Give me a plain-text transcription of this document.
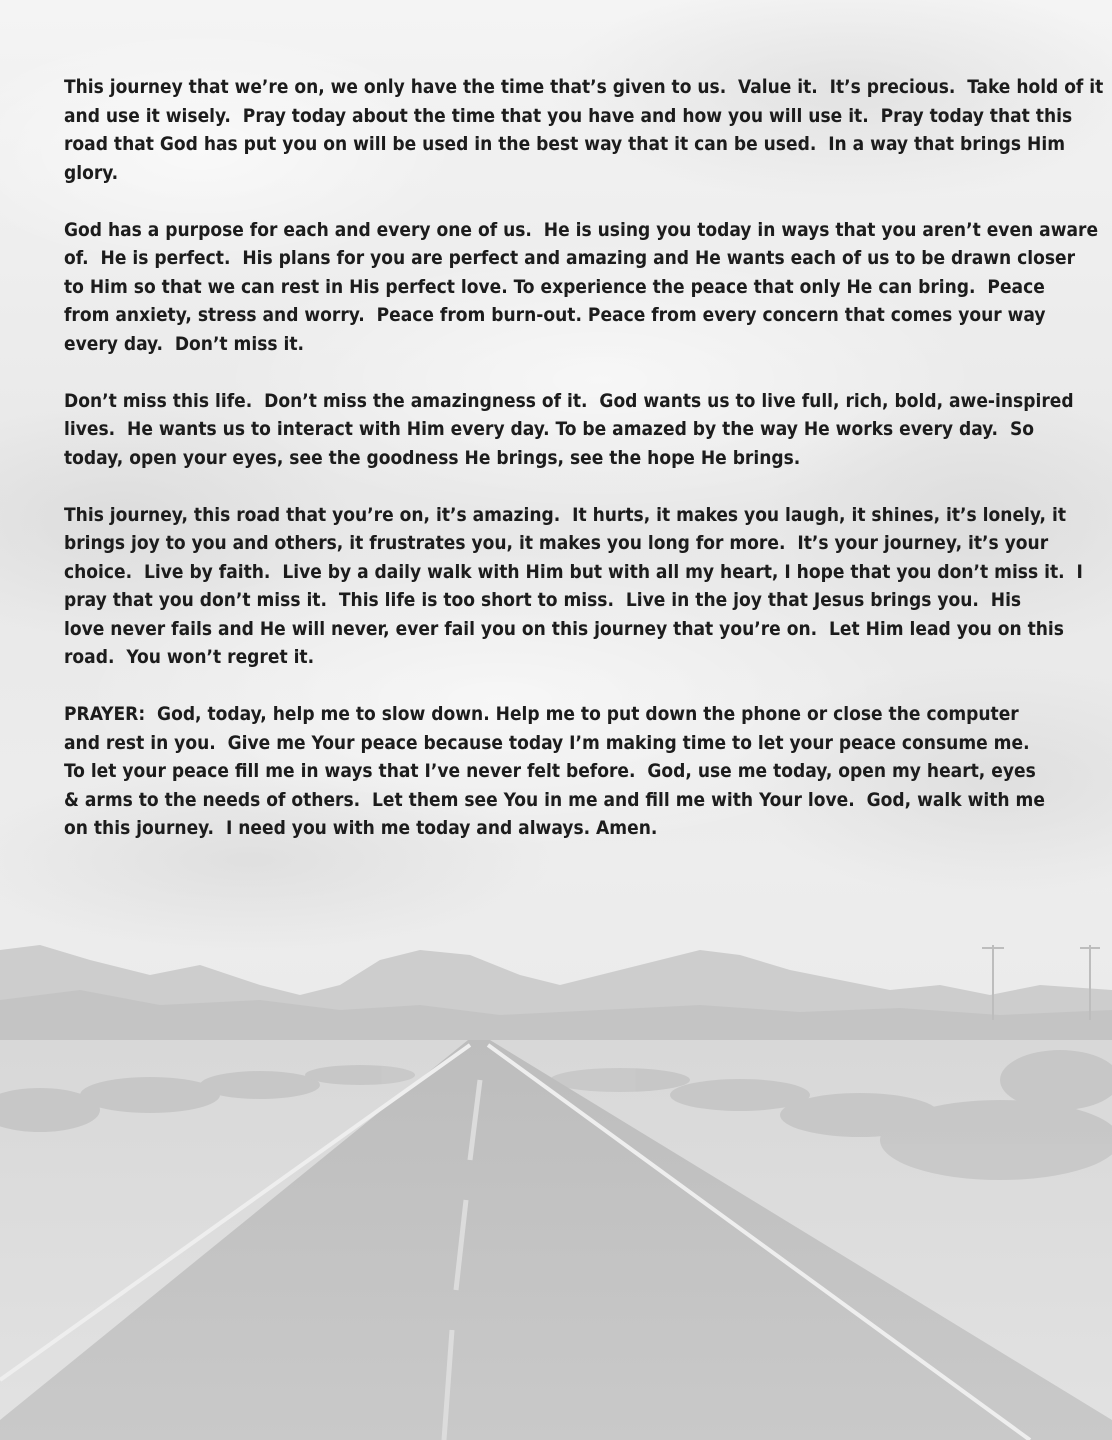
This journey that we’re on, we only have the time that’s given to us.  Value it.  It’s precious.  Take hold of it
and use it wisely.  Pray today about the time that you have and how you will use it.  Pray today that this
road that God has put you on will be used in the best way that it can be used.  In a way that brings Him
glory.

God has a purpose for each and every one of us.  He is using you today in ways that you aren’t even aware
of.  He is perfect.  His plans for you are perfect and amazing and He wants each of us to be drawn closer
to Him so that we can rest in His perfect love. To experience the peace that only He can bring.  Peace
from anxiety, stress and worry.  Peace from burn-out. Peace from every concern that comes your way
every day.  Don’t miss it.

Don’t miss this life.  Don’t miss the amazingness of it.  God wants us to live full, rich, bold, awe-inspired
lives.  He wants us to interact with Him every day. To be amazed by the way He works every day.  So
today, open your eyes, see the goodness He brings, see the hope He brings.

This journey, this road that you’re on, it’s amazing.  It hurts, it makes you laugh, it shines, it’s lonely, it
brings joy to you and others, it frustrates you, it makes you long for more.  It’s your journey, it’s your
choice.  Live by faith.  Live by a daily walk with Him but with all my heart, I hope that you don’t miss it.  I
pray that you don’t miss it.  This life is too short to miss.  Live in the joy that Jesus brings you.  His
love never fails and He will never, ever fail you on this journey that you’re on.  Let Him lead you on this
road.  You won’t regret it.

PRAYER:  God, today, help me to slow down. Help me to put down the phone or close the computer
and rest in you.  Give me Your peace because today I’m making time to let your peace consume me.
To let your peace fill me in ways that I’ve never felt before.  God, use me today, open my heart, eyes
& arms to the needs of others.  Let them see You in me and fill me with Your love.  God, walk with me
on this journey.  I need you with me today and always. Amen.
